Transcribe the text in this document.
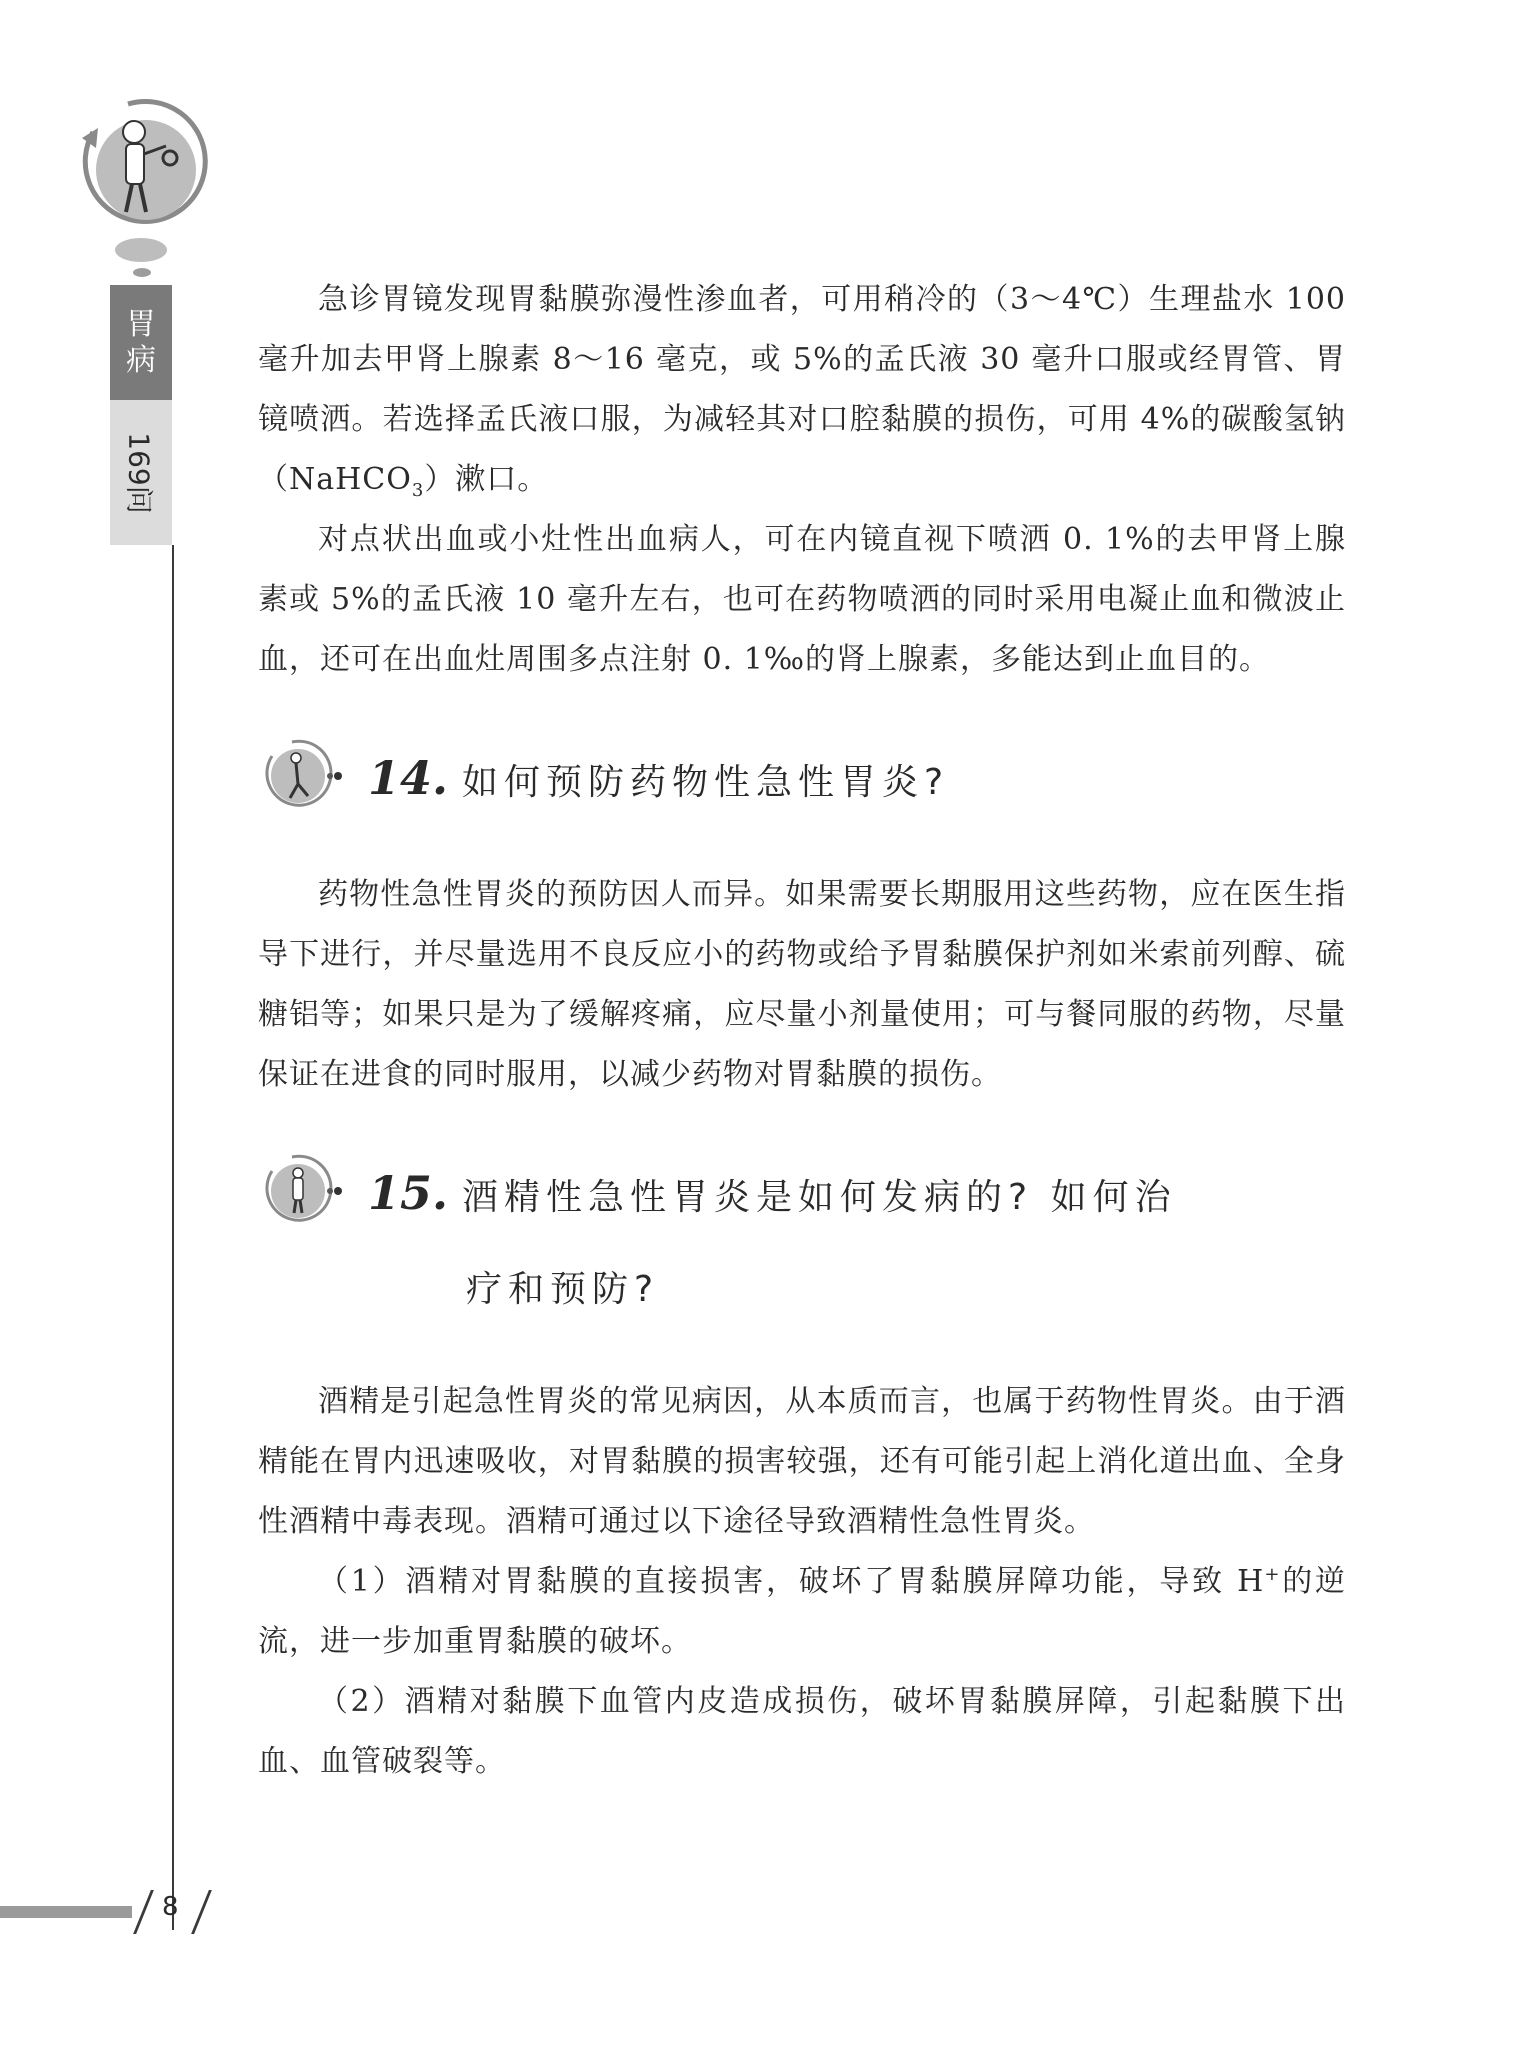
胃
病
169问
8

急诊胃镜发现胃黏膜弥漫性渗血者，可用稍冷的（3～4℃）生理盐水 100 毫升加去甲肾上腺素 8～16 毫克，或 5%的孟氏液 30 毫升口服或经胃管、胃镜喷洒。若选择孟氏液口服，为减轻其对口腔黏膜的损伤，可用 4%的碳酸氢钠（NaHCO$_3$）漱口。

对点状出血或小灶性出血病人，可在内镜直视下喷洒 0. 1%的去甲肾上腺素或 5%的孟氏液 10 毫升左右，也可在药物喷洒的同时采用电凝止血和微波止血，还可在出血灶周围多点注射 0. 1‰的肾上腺素，多能达到止血目的。

14. 如何预防药物性急性胃炎?

药物性急性胃炎的预防因人而异。如果需要长期服用这些药物，应在医生指导下进行，并尽量选用不良反应小的药物或给予胃黏膜保护剂如米索前列醇、硫糖铝等；如果只是为了缓解疼痛，应尽量小剂量使用；可与餐同服的药物，尽量保证在进食的同时服用，以减少药物对胃黏膜的损伤。

15. 酒精性急性胃炎是如何发病的? 如何治
疗和预防?

酒精是引起急性胃炎的常见病因，从本质而言，也属于药物性胃炎。由于酒精能在胃内迅速吸收，对胃黏膜的损害较强，还有可能引起上消化道出血、全身性酒精中毒表现。酒精可通过以下途径导致酒精性急性胃炎。

（1）酒精对胃黏膜的直接损害，破坏了胃黏膜屏障功能，导致 H+的逆流，进一步加重胃黏膜的破坏。

（2）酒精对黏膜下血管内皮造成损伤，破坏胃黏膜屏障，引起黏膜下出血、血管破裂等。
